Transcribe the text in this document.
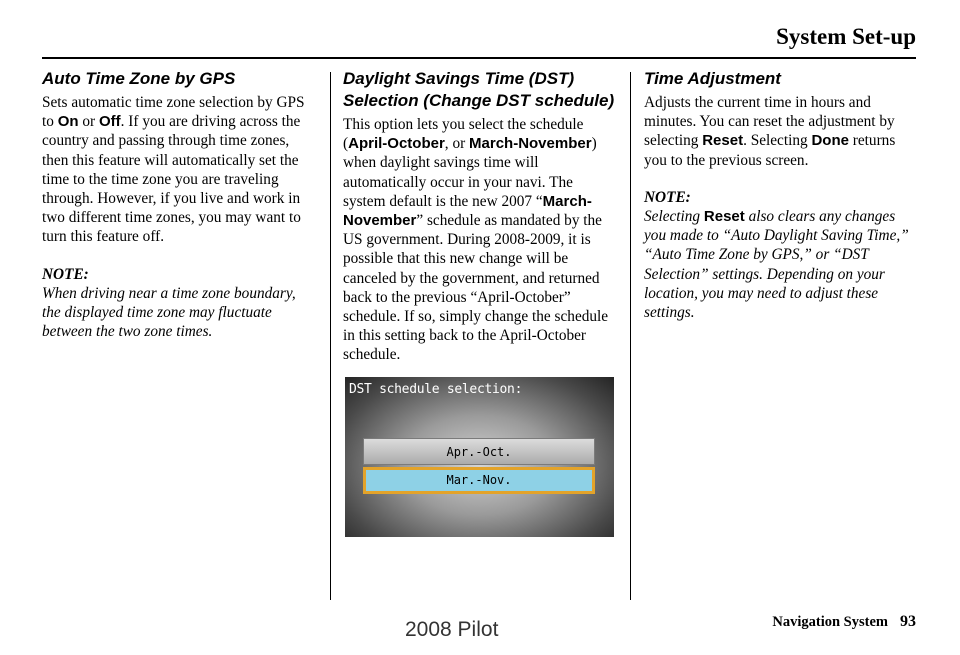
System Set-up
Auto Time Zone by GPS

Sets automatic time zone selection by GPS to On or Off. If you are driving across the country and passing through time zones, then this feature will automatically set the time to the time zone you are traveling through. However, if you live and work in two different time zones, you may want to turn this feature off.

NOTE:

When driving near a time zone boundary, the displayed time zone may fluctuate between the two zone times.

Daylight Savings Time (DST) Selection (Change DST schedule)

This option lets you select the schedule (April-October, or March-November) when daylight savings time will automatically occur in your navi. The system default is the new 2007 “March-November” schedule as mandated by the US government. During 2008-2009, it is possible that this new change will be canceled by the government, and returned back to the previous “April-October” schedule. If so, simply change the schedule in this setting back to the April-October schedule.

DST schedule selection:
Apr.-Oct.
Mar.-Nov.
Time Adjustment

Adjusts the current time in hours and minutes. You can reset the adjustment by selecting Reset. Selecting Done returns you to the previous screen.

NOTE:

Selecting Reset also clears any changes you made to “Auto Daylight Saving Time,” “Auto Time Zone by GPS,” or “DST Selection” settings. Depending on your location, you may need to adjust these settings.

Navigation System 93
2008 Pilot
